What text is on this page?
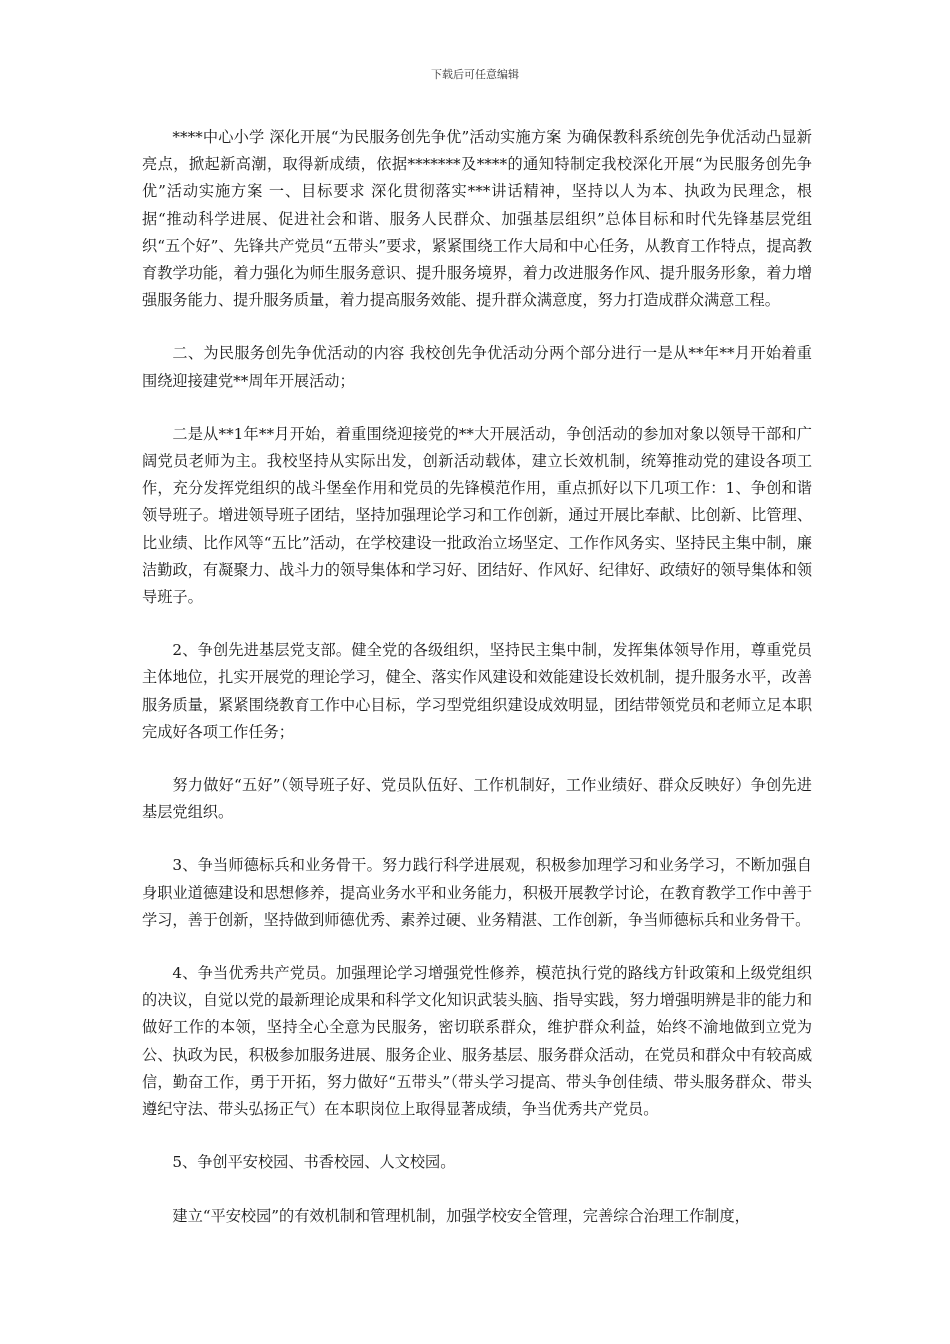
下载后可任意编辑

****中心小学 深化开展“为民服务创先争优”活动实施方案 为确保教科系统创先争优活动凸显新亮点，掀起新高潮，取得新成绩，依据*******及****的通知特制定我校深化开展“为民服务创先争优”活动实施方案 一、目标要求 深化贯彻落实***讲话精神，坚持以人为本、执政为民理念，根据“推动科学进展、促进社会和谐、服务人民群众、加强基层组织”总体目标和时代先锋基层党组织“五个好”、先锋共产党员“五带头”要求，紧紧围绕工作大局和中心任务，从教育工作特点，提高教育教学功能，着力强化为师生服务意识、提升服务境界，着力改进服务作风、提升服务形象，着力增强服务能力、提升服务质量，着力提高服务效能、提升群众满意度，努力打造成群众满意工程。

二、为民服务创先争优活动的内容 我校创先争优活动分两个部分进行一是从**年**月开始着重围绕迎接建党**周年开展活动；

二是从**1年**月开始，着重围绕迎接党的**大开展活动，争创活动的参加对象以领导干部和广阔党员老师为主。我校坚持从实际出发，创新活动载体，建立长效机制，统筹推动党的建设各项工作，充分发挥党组织的战斗堡垒作用和党员的先锋模范作用，重点抓好以下几项工作：1、争创和谐领导班子。增进领导班子团结，坚持加强理论学习和工作创新，通过开展比奉献、比创新、比管理、比业绩、比作风等“五比”活动，在学校建设一批政治立场坚定、工作作风务实、坚持民主集中制，廉洁勤政，有凝聚力、战斗力的领导集体和学习好、团结好、作风好、纪律好、政绩好的领导集体和领导班子。

2、争创先进基层党支部。健全党的各级组织，坚持民主集中制，发挥集体领导作用，尊重党员主体地位，扎实开展党的理论学习，健全、落实作风建设和效能建设长效机制，提升服务水平，改善服务质量，紧紧围绕教育工作中心目标，学习型党组织建设成效明显，团结带领党员和老师立足本职完成好各项工作任务；

努力做好“五好”（领导班子好、党员队伍好、工作机制好，工作业绩好、群众反映好）争创先进基层党组织。

3、争当师德标兵和业务骨干。努力践行科学进展观，积极参加理学习和业务学习，不断加强自身职业道德建设和思想修养，提高业务水平和业务能力，积极开展教学讨论，在教育教学工作中善于学习，善于创新，坚持做到师德优秀、素养过硬、业务精湛、工作创新，争当师德标兵和业务骨干。

4、争当优秀共产党员。加强理论学习增强党性修养，模范执行党的路线方针政策和上级党组织的决议，自觉以党的最新理论成果和科学文化知识武装头脑、指导实践，努力增强明辨是非的能力和做好工作的本领，坚持全心全意为民服务，密切联系群众，维护群众利益，始终不渝地做到立党为公、执政为民，积极参加服务进展、服务企业、服务基层、服务群众活动，在党员和群众中有较高威信，勤奋工作，勇于开拓，努力做好“五带头”（带头学习提高、带头争创佳绩、带头服务群众、带头遵纪守法、带头弘扬正气）在本职岗位上取得显著成绩，争当优秀共产党员。

5、争创平安校园、书香校园、人文校园。

建立“平安校园”的有效机制和管理机制，加强学校安全管理，完善综合治理工作制度，
